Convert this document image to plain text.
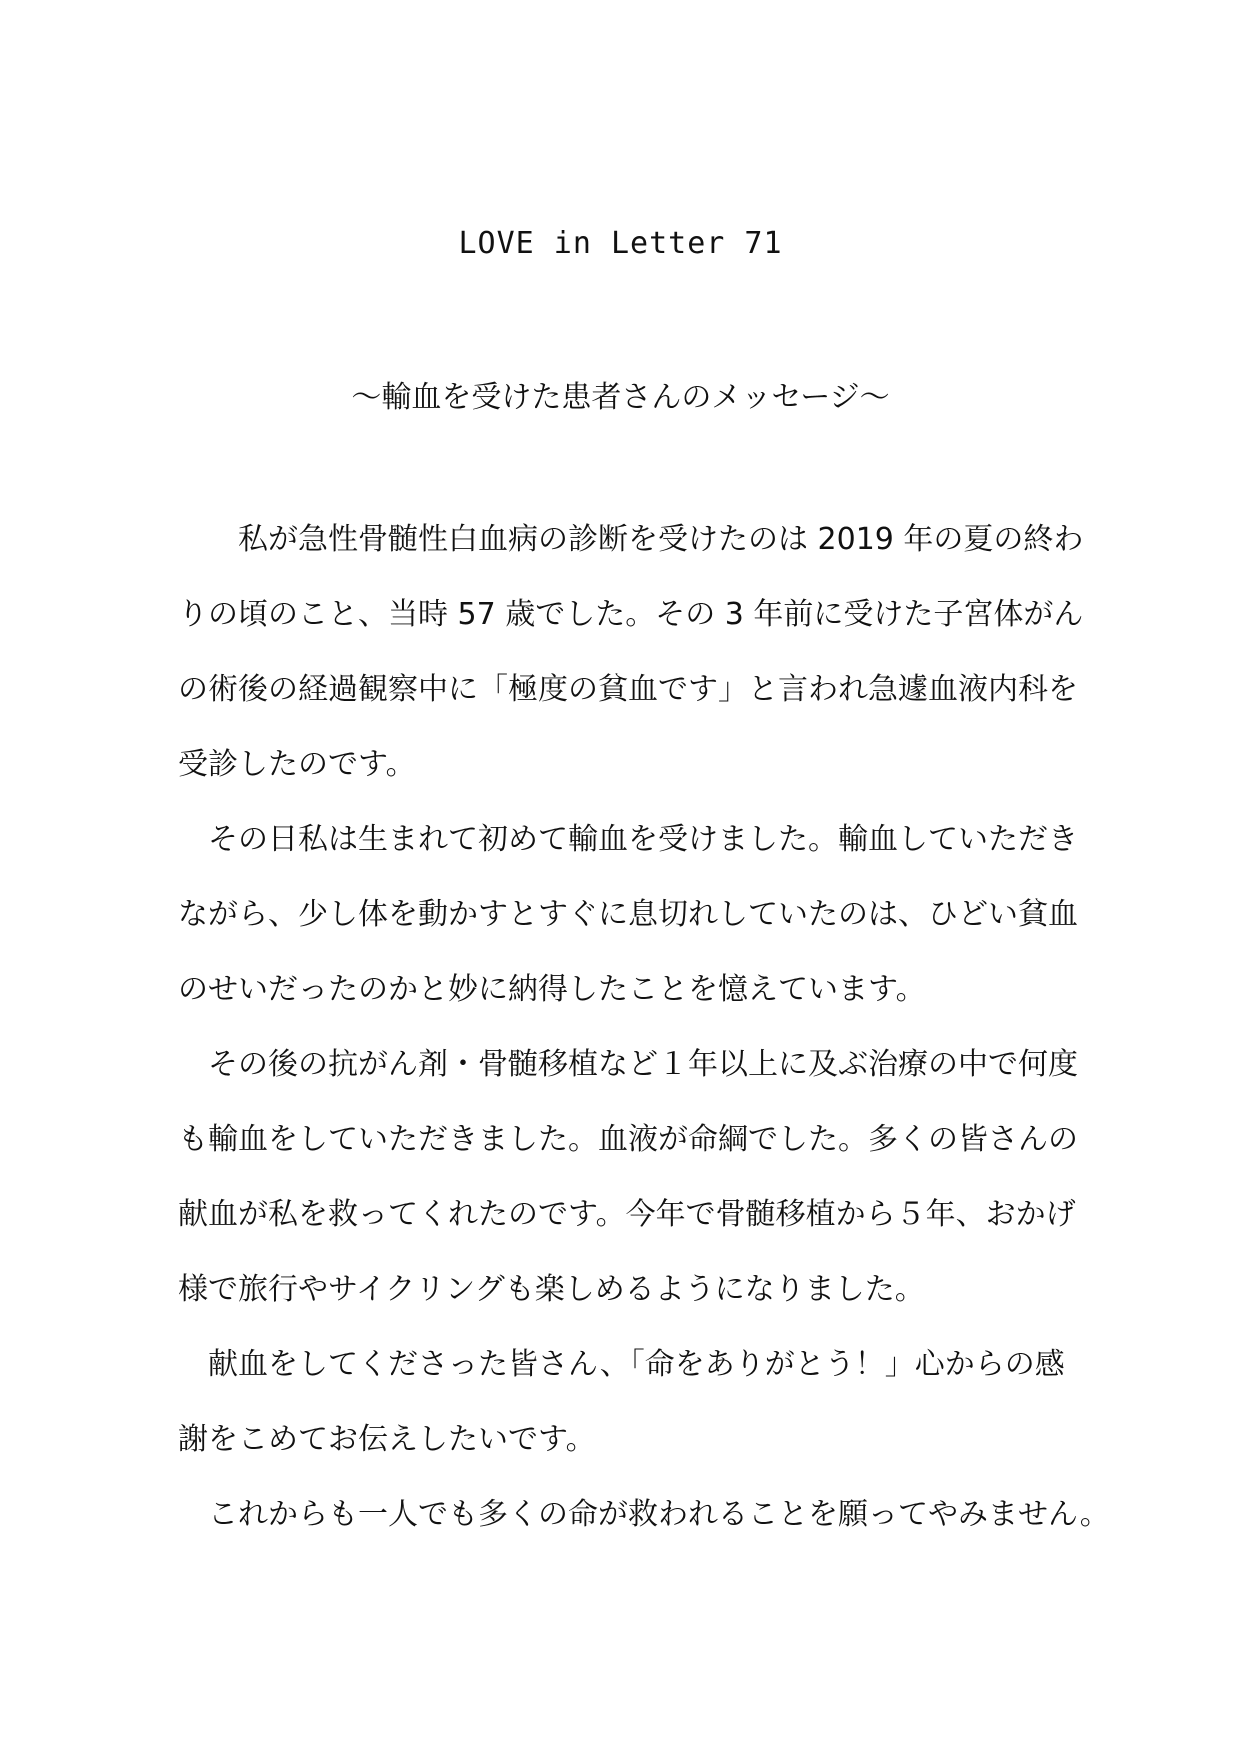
LOVE in Letter 71
～輸血を受けた患者さんのメッセージ～
　　私が急性骨髄性白血病の診断を受けたのは 2019 年の夏の終わ
りの頃のこと、当時 57 歳でした。その 3 年前に受けた子宮体がん
の術後の経過観察中に「極度の貧血です」と言われ急遽血液内科を
受診したのです。
　その日私は生まれて初めて輸血を受けました。輸血していただき
ながら、少し体を動かすとすぐに息切れしていたのは、ひどい貧血
のせいだったのかと妙に納得したことを憶えています。
　その後の抗がん剤・骨髄移植など１年以上に及ぶ治療の中で何度
も輸血をしていただきました。血液が命綱でした。多くの皆さんの
献血が私を救ってくれたのです。今年で骨髄移植から５年、おかげ
様で旅行やサイクリングも楽しめるようになりました。
　献血をしてくださった皆さん、「命をありがとう！」心からの感
謝をこめてお伝えしたいです。
　これからも一人でも多くの命が救われることを願ってやみません。
